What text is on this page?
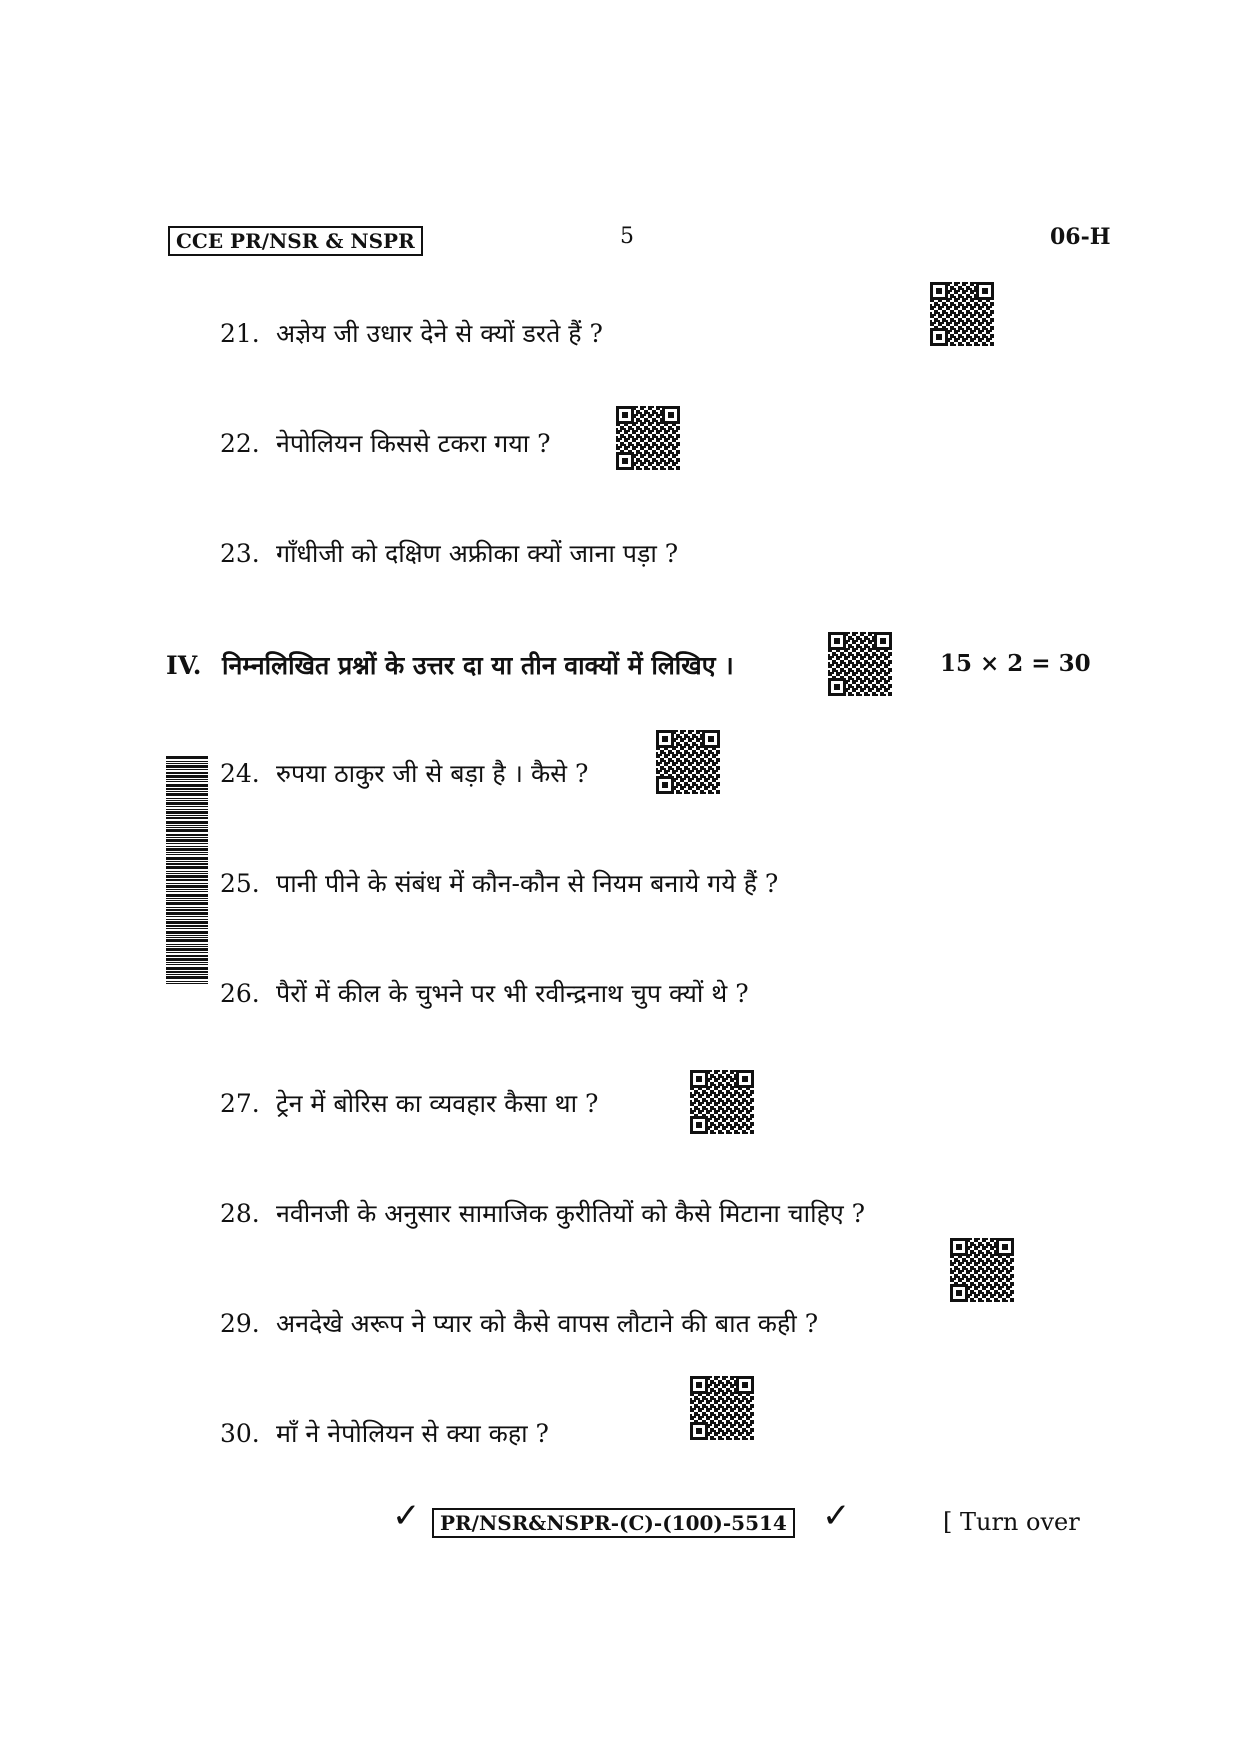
CCE PR/NSR & NSPR	5	06-H
21. अज्ञेय जी उधार देने से क्यों डरते हैं ?
22. नेपोलियन किससे टकरा गया ?
23. गाँधीजी को दक्षिण अफ्रीका क्यों जाना पड़ा ?
IV. निम्नलिखित प्रश्नों के उत्तर दा या तीन वाक्यों में लिखिए ।	15 × 2 = 30
24. रुपया ठाकुर जी से बड़ा है । कैसे ?
25. पानी पीने के संबंध में कौन-कौन से नियम बनाये गये हैं ?
26. पैरों में कील के चुभने पर भी रवीन्द्रनाथ चुप क्यों थे ?
27. ट्रेन में बोरिस का व्यवहार कैसा था ?
28. नवीनजी के अनुसार सामाजिक कुरीतियों को कैसे मिटाना चाहिए ?
29. अनदेखे अरूप ने प्यार को कैसे वापस लौटाने की बात कही ?
30. माँ ने नेपोलियन से क्या कहा ?
✓ PR/NSR&NSPR-(C)-(100)-5514 ✓	[ Turn over
